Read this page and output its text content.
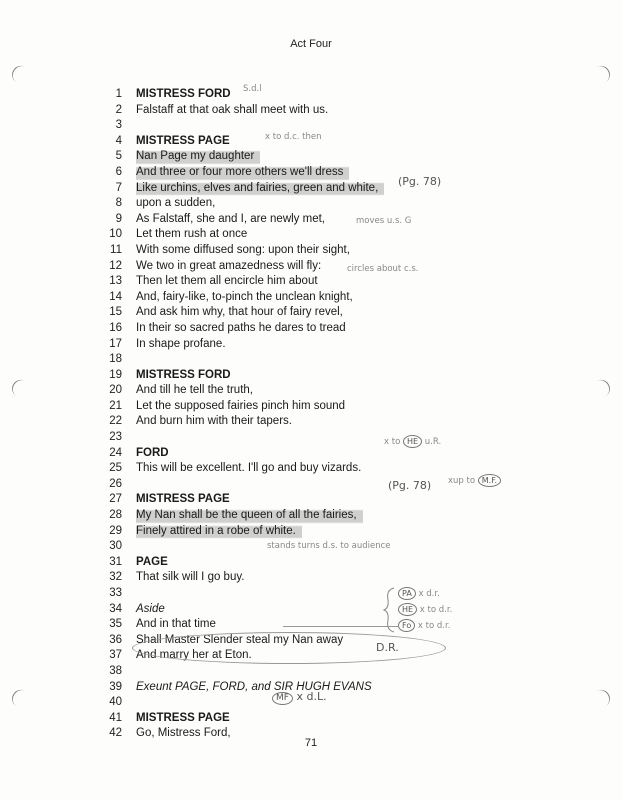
Act Four
1 MISTRESS FORD
2 Falstaff at that oak shall meet with us.
3
4 MISTRESS PAGE
5 Nan Page my daughter
6 And three or four more others we'll dress
7 Like urchins, elves and fairies, green and white,
8 upon a sudden,
9 As Falstaff, she and I, are newly met,
10 Let them rush at once
11 With some diffused song: upon their sight,
12 We two in great amazedness will fly:
13 Then let them all encircle him about
14 And, fairy-like, to-pinch the unclean knight,
15 And ask him why, that hour of fairy revel,
16 In their so sacred paths he dares to tread
17 In shape profane.
18
19 MISTRESS FORD
20 And till he tell the truth,
21 Let the supposed fairies pinch him sound
22 And burn him with their tapers.
23
24 FORD
25 This will be excellent. I'll go and buy vizards.
26
27 MISTRESS PAGE
28 My Nan shall be the queen of all the fairies,
29 Finely attired in a robe of white.
30
31 PAGE
32 That silk will I go buy.
33
34 Aside
35 And in that time
36 Shall Master Slender steal my Nan away
37 And marry her at Eton.
38
39 Exeunt PAGE, FORD, and SIR HUGH EVANS
40
41 MISTRESS PAGE
42 Go, Mistress Ford,
S.d.l
x to d.c. then
(Pg. 78)
moves u.s. G
circles about c.s.
x to HE u.R.
(Pg. 78) xup to M.F.
stands turns d.s. to audience
PA x d.r.
HE x to d.r.
Fo x to d.r.
D.R.
MF x d.L.
71
